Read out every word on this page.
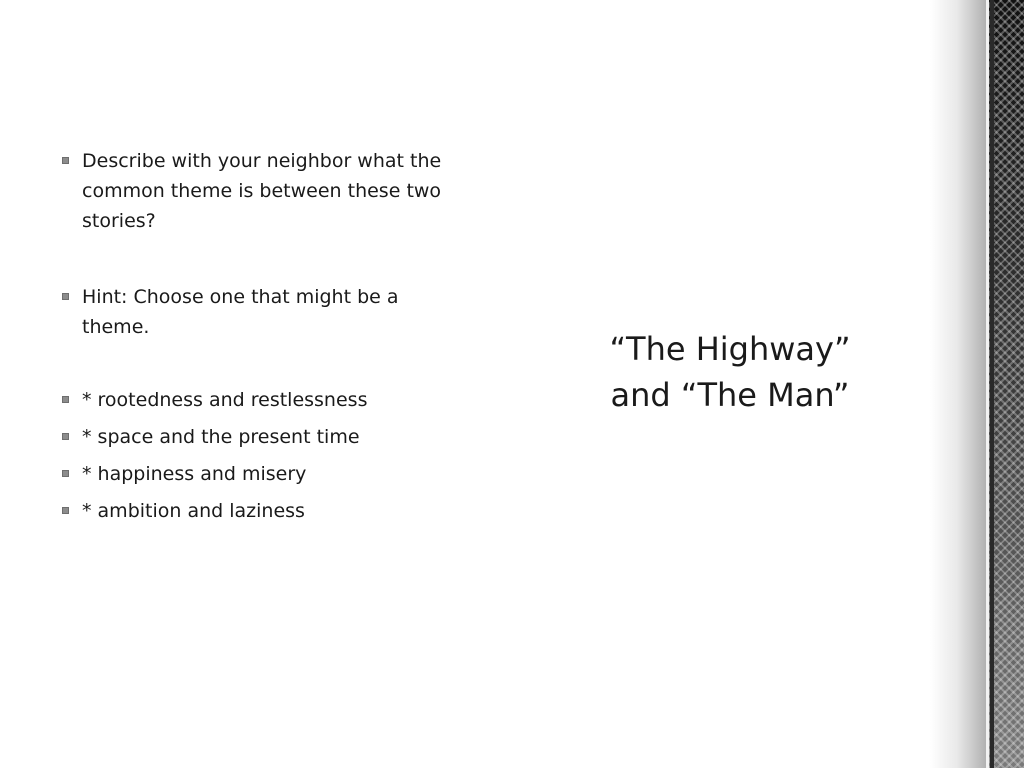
Describe with your neighbor what the common theme is between these two stories?
Hint: Choose one that might be a theme.
* rootedness and restlessness
* space and the present time
* happiness and misery
* ambition and laziness
“The Highway”
and “The Man”
